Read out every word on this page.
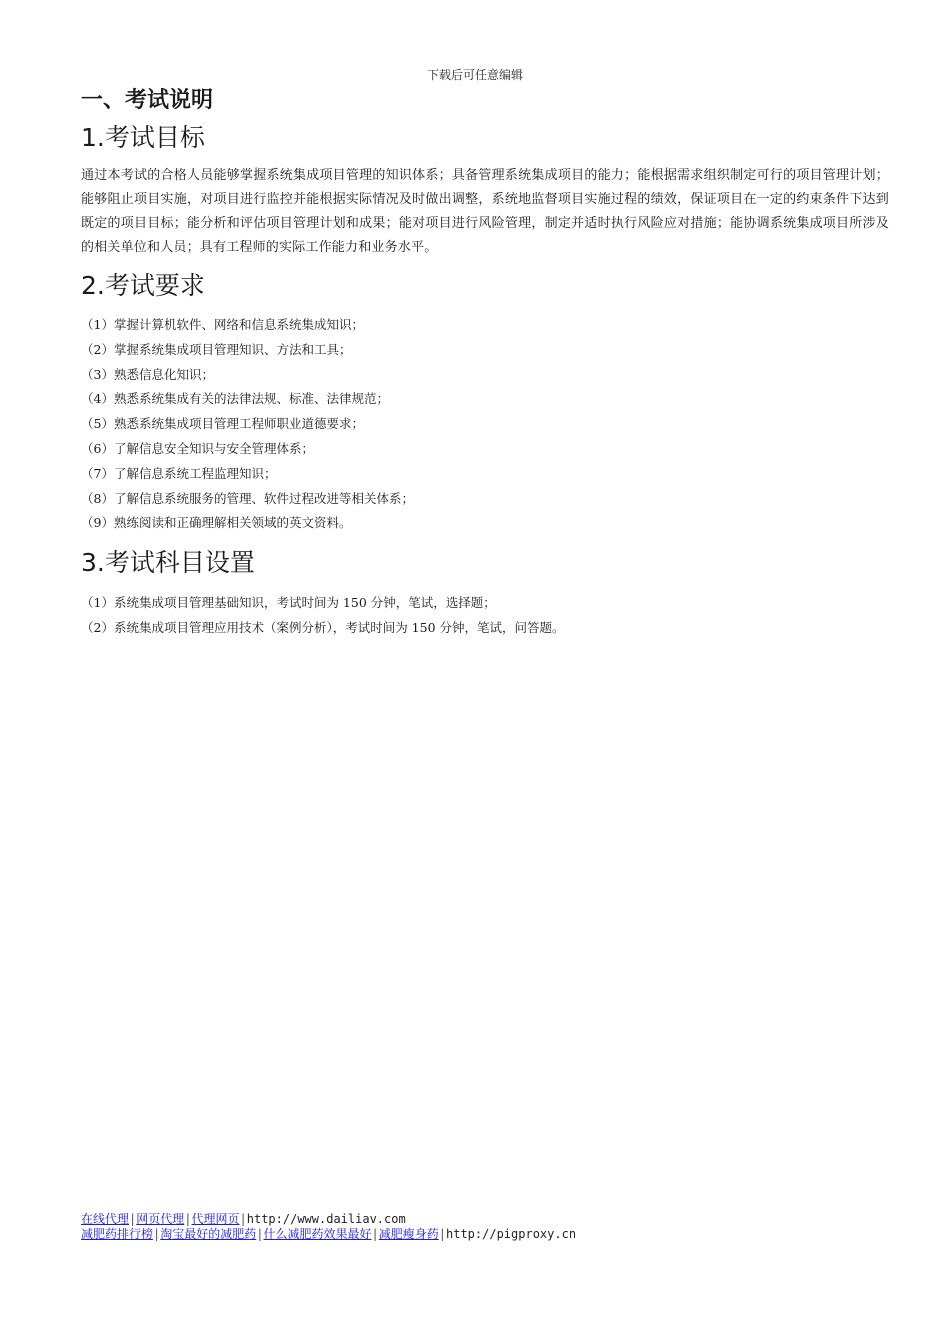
下载后可任意编辑
一、考试说明
1.考试目标

通过本考试的合格人员能够掌握系统集成项目管理的知识体系；具备管理系统集成项目的能力；能根据需求组织制定可行的项目管理计划；能够阻止项目实施，对项目进行监控并能根据实际情况及时做出调整，系统地监督项目实施过程的绩效，保证项目在一定的约束条件下达到既定的项目目标；能分析和评估项目管理计划和成果；能对项目进行风险管理，制定并适时执行风险应对措施；能协调系统集成项目所涉及的相关单位和人员；具有工程师的实际工作能力和业务水平。

2.考试要求
（1）掌握计算机软件、网络和信息系统集成知识；
（2）掌握系统集成项目管理知识、方法和工具；
（3）熟悉信息化知识；
（4）熟悉系统集成有关的法律法规、标准、法律规范；
（5）熟悉系统集成项目管理工程师职业道德要求；
（6）了解信息安全知识与安全管理体系；
（7）了解信息系统工程监理知识；
（8）了解信息系统服务的管理、软件过程改进等相关体系；
（9）熟练阅读和正确理解相关领域的英文资料。
3.考试科目设置
（1）系统集成项目管理基础知识，考试时间为 150 分钟，笔试，选择题；
（2）系统集成项目管理应用技术（案例分析），考试时间为 150 分钟，笔试，问答题。
在线代理|网页代理|代理网页|http://www.dailiav.com
减肥药排行榜|淘宝最好的减肥药|什么减肥药效果最好|减肥瘦身药|http://pigproxy.cn
